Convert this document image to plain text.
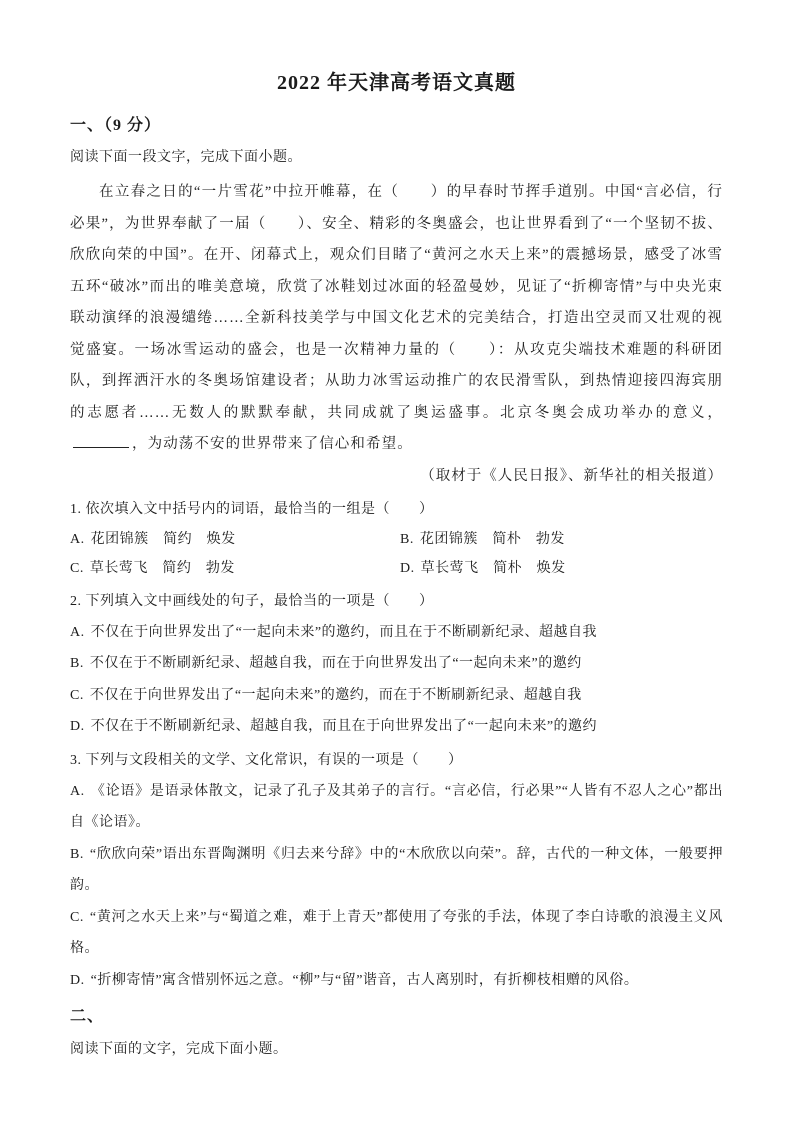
2022 年天津高考语文真题
一、（9 分）

阅读下面一段文字，完成下面小题。

在立春之日的“一片雪花”中拉开帷幕，在（　　）的早春时节挥手道别。中国“言必信，行必果”，为世界奉献了一届（　　）、安全、精彩的冬奥盛会，也让世界看到了“一个坚韧不拔、欣欣向荣的中国”。在开、闭幕式上，观众们目睹了“黄河之水天上来”的震撼场景，感受了冰雪五环“破冰”而出的唯美意境，欣赏了冰鞋划过冰面的轻盈曼妙，见证了“折柳寄情”与中央光束联动演绎的浪漫缱绻……全新科技美学与中国文化艺术的完美结合，打造出空灵而又壮观的视觉盛宴。一场冰雪运动的盛会，也是一次精神力量的（　　）：从攻克尖端技术难题的科研团队，到挥洒汗水的冬奥场馆建设者；从助力冰雪运动推广的农民滑雪队，到热情迎接四海宾朋的志愿者……无数人的默默奉献，共同成就了奥运盛事。北京冬奥会成功举办的意义，，为动荡不安的世界带来了信心和希望。

（取材于《人民日报》、新华社的相关报道）

1. 依次填入文中括号内的词语，最恰当的一组是（　　）

A. 花团锦簇　简约　焕发	B. 花团锦簇　简朴　勃发

C. 草长莺飞　简约　勃发	D. 草长莺飞　简朴　焕发

2. 下列填入文中画线处的句子，最恰当的一项是（　　）

A. 不仅在于向世界发出了“一起向未来”的邀约，而且在于不断刷新纪录、超越自我

B. 不仅在于不断刷新纪录、超越自我，而在于向世界发出了“一起向未来”的邀约

C. 不仅在于向世界发出了“一起向未来”的邀约，而在于不断刷新纪录、超越自我

D. 不仅在于不断刷新纪录、超越自我，而且在于向世界发出了“一起向未来”的邀约

3. 下列与文段相关的文学、文化常识，有误的一项是（　　）

A. 《论语》是语录体散文，记录了孔子及其弟子的言行。“言必信，行必果”“人皆有不忍人之心”都出自《论语》。

B. “欣欣向荣”语出东晋陶渊明《归去来兮辞》中的“木欣欣以向荣”。辞，古代的一种文体，一般要押韵。

C. “黄河之水天上来”与“蜀道之难，难于上青天”都使用了夸张的手法，体现了李白诗歌的浪漫主义风格。

D. “折柳寄情”寓含惜别怀远之意。“柳”与“留”谐音，古人离别时，有折柳枝相赠的风俗。

二、

阅读下面的文字，完成下面小题。
